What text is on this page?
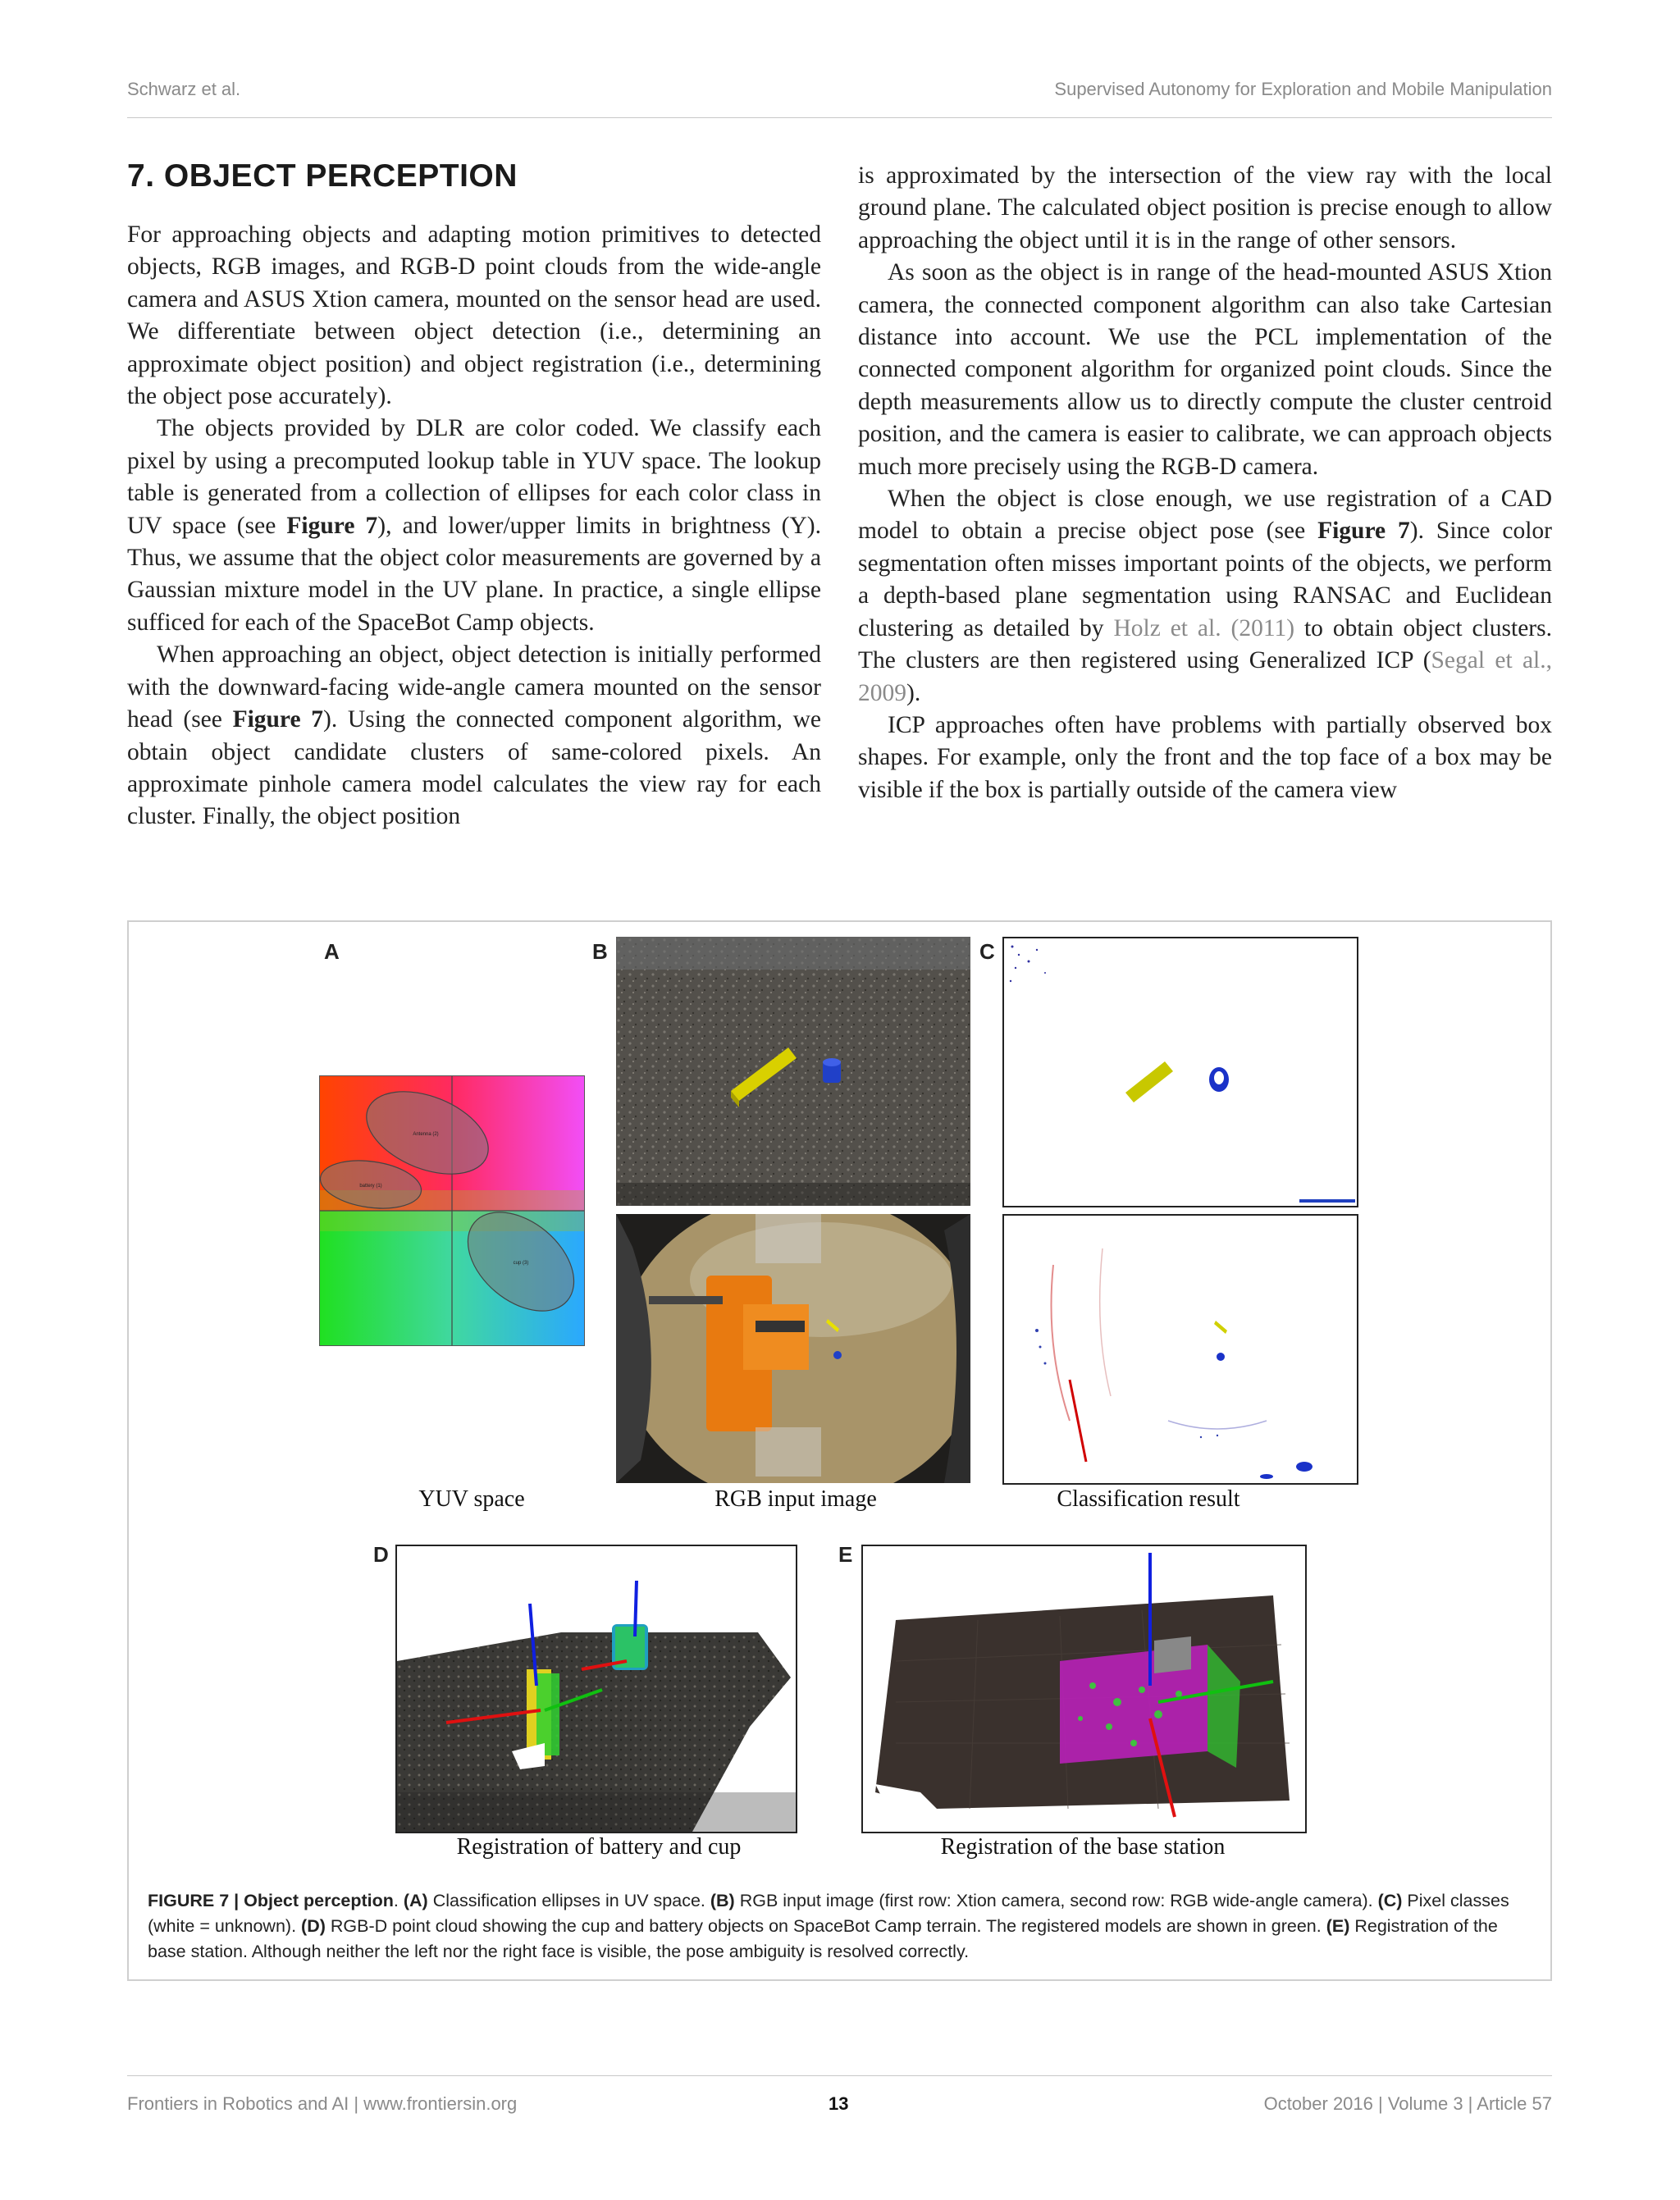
Schwarz et al.	Supervised Autonomy for Exploration and Mobile Manipulation
7. OBJECT PERCEPTION

For approaching objects and adapting motion primitives to detected objects, RGB images, and RGB-D point clouds from the wide-angle camera and ASUS Xtion camera, mounted on the sensor head are used. We differentiate between object detection (i.e., determining an approximate object position) and object registration (i.e., determining the object pose accurately).

The objects provided by DLR are color coded. We classify each pixel by using a precomputed lookup table in YUV space. The lookup table is generated from a collection of ellipses for each color class in UV space (see Figure 7), and lower/upper limits in brightness (Y). Thus, we assume that the object color measurements are governed by a Gaussian mixture model in the UV plane. In practice, a single ellipse sufficed for each of the SpaceBot Camp objects.

When approaching an object, object detection is initially performed with the downward-facing wide-angle camera mounted on the sensor head (see Figure 7). Using the connected component algorithm, we obtain object candidate clusters of same-colored pixels. An approximate pinhole camera model calculates the view ray for each cluster. Finally, the object position

is approximated by the intersection of the view ray with the local ground plane. The calculated object position is precise enough to allow approaching the object until it is in the range of other sensors.

As soon as the object is in range of the head-mounted ASUS Xtion camera, the connected component algorithm can also take Cartesian distance into account. We use the PCL implementation of the connected component algorithm for organized point clouds. Since the depth measurements allow us to directly compute the cluster centroid position, and the camera is easier to calibrate, we can approach objects much more precisely using the RGB-D camera.

When the object is close enough, we use registration of a CAD model to obtain a precise object pose (see Figure 7). Since color segmentation often misses important points of the objects, we perform a depth-based plane segmentation using RANSAC and Euclidean clustering as detailed by Holz et al. (2011) to obtain object clusters. The clusters are then registered using Generalized ICP (Segal et al., 2009).

ICP approaches often have problems with partially observed box shapes. For example, only the front and the top face of a box may be visible if the box is partially outside of the camera view

A	B	C
D	E
Antenna (2)
battery (1)
cup (3)
YUV space	RGB input image	Classification result
Registration of battery and cup	Registration of the base station
FIGURE 7 | Object perception. (A) Classification ellipses in UV space. (B) RGB input image (first row: Xtion camera, second row: RGB wide-angle camera). (C) Pixel classes (white = unknown). (D) RGB-D point cloud showing the cup and battery objects on SpaceBot Camp terrain. The registered models are shown in green. (E) Registration of the base station. Although neither the left nor the right face is visible, the pose ambiguity is resolved correctly.
Frontiers in Robotics and AI | www.frontiersin.org	13	October 2016 | Volume 3 | Article 57
